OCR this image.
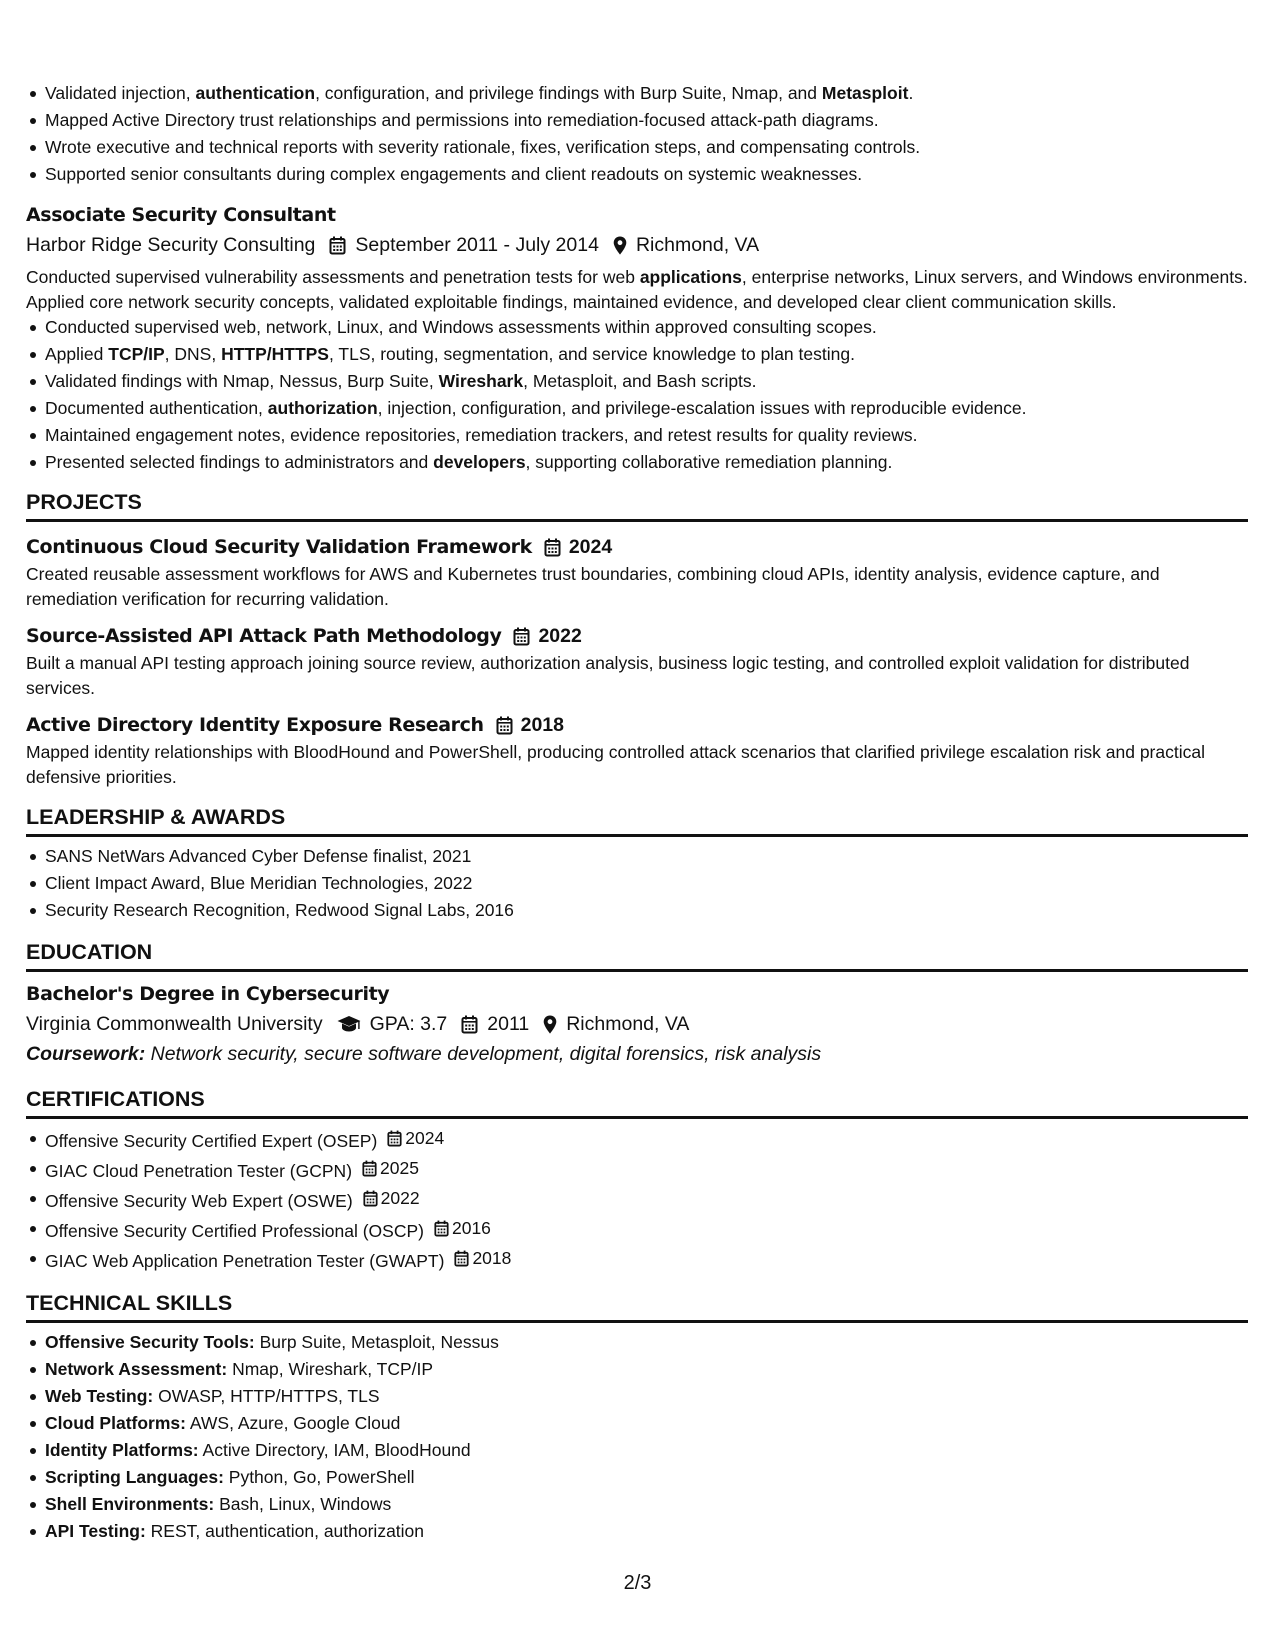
Validated injection, authentication, configuration, and privilege findings with Burp Suite, Nmap, and Metasploit.
Mapped Active Directory trust relationships and permissions into remediation-focused attack-path diagrams.
Wrote executive and technical reports with severity rationale, fixes, verification steps, and compensating controls.
Supported senior consultants during complex engagements and client readouts on systemic weaknesses.
Associate Security Consultant
Harbor Ridge Security Consulting September 2011 - July 2014 Richmond, VA
Conducted supervised vulnerability assessments and penetration tests for web applications, enterprise networks, Linux servers, and Windows environments. Applied core network security concepts, validated exploitable findings, maintained evidence, and developed clear client communication skills.
Conducted supervised web, network, Linux, and Windows assessments within approved consulting scopes.
Applied TCP/IP, DNS, HTTP/HTTPS, TLS, routing, segmentation, and service knowledge to plan testing.
Validated findings with Nmap, Nessus, Burp Suite, Wireshark, Metasploit, and Bash scripts.
Documented authentication, authorization, injection, configuration, and privilege-escalation issues with reproducible evidence.
Maintained engagement notes, evidence repositories, remediation trackers, and retest results for quality reviews.
Presented selected findings to administrators and developers, supporting collaborative remediation planning.
PROJECTS
Continuous Cloud Security Validation Framework 2024
Created reusable assessment workflows for AWS and Kubernetes trust boundaries, combining cloud APIs, identity analysis, evidence capture, and remediation verification for recurring validation.
Source-Assisted API Attack Path Methodology 2022
Built a manual API testing approach joining source review, authorization analysis, business logic testing, and controlled exploit validation for distributed services.
Active Directory Identity Exposure Research 2018
Mapped identity relationships with BloodHound and PowerShell, producing controlled attack scenarios that clarified privilege escalation risk and practical defensive priorities.
LEADERSHIP & AWARDS
SANS NetWars Advanced Cyber Defense finalist, 2021
Client Impact Award, Blue Meridian Technologies, 2022
Security Research Recognition, Redwood Signal Labs, 2016
EDUCATION
Bachelor's Degree in Cybersecurity
Virginia Commonwealth University GPA: 3.7 2011 Richmond, VA
Coursework: Network security, secure software development, digital forensics, risk analysis
CERTIFICATIONS
Offensive Security Certified Expert (OSEP) 2024
GIAC Cloud Penetration Tester (GCPN) 2025
Offensive Security Web Expert (OSWE) 2022
Offensive Security Certified Professional (OSCP) 2016
GIAC Web Application Penetration Tester (GWAPT) 2018
TECHNICAL SKILLS
Offensive Security Tools: Burp Suite, Metasploit, Nessus
Network Assessment: Nmap, Wireshark, TCP/IP
Web Testing: OWASP, HTTP/HTTPS, TLS
Cloud Platforms: AWS, Azure, Google Cloud
Identity Platforms: Active Directory, IAM, BloodHound
Scripting Languages: Python, Go, PowerShell
Shell Environments: Bash, Linux, Windows
API Testing: REST, authentication, authorization
2/3
